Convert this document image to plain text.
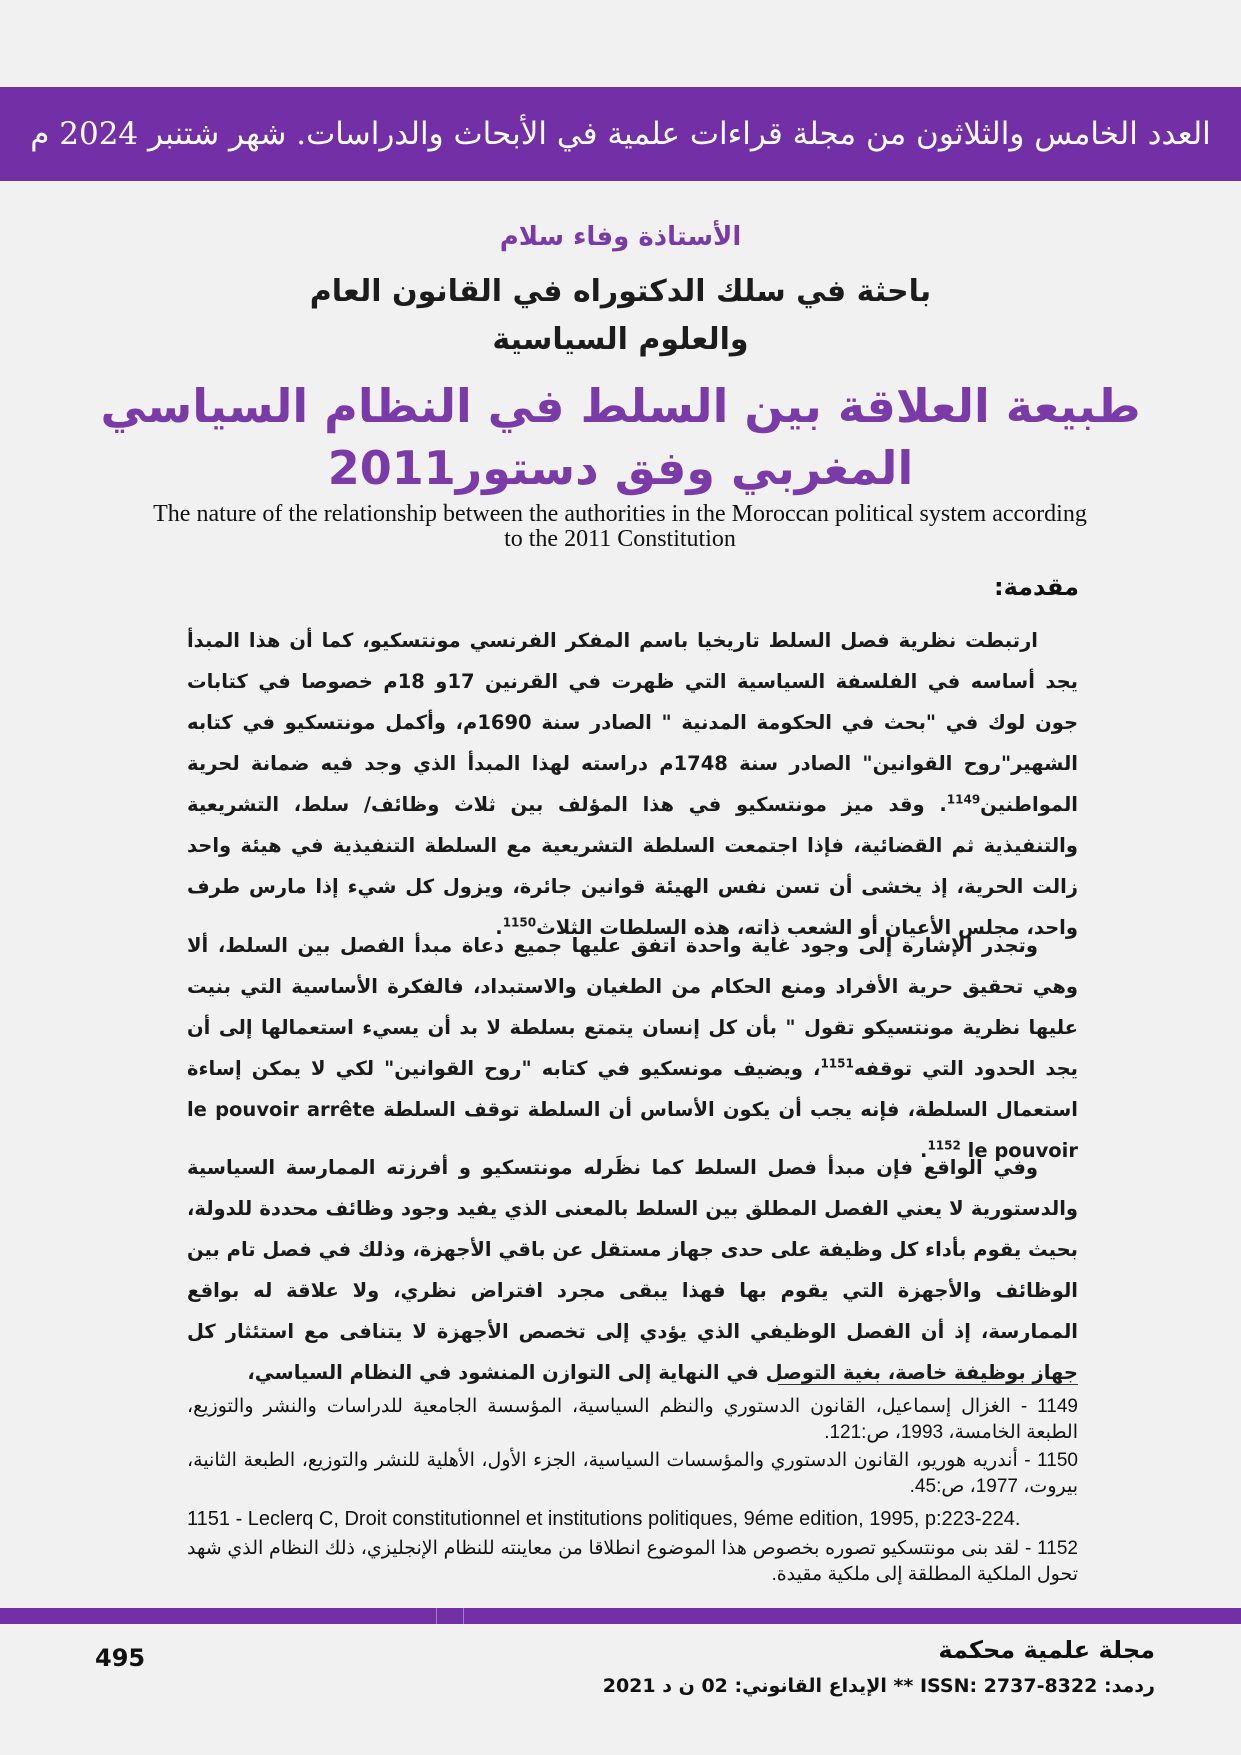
العدد الخامس والثلاثون من مجلة قراءات علمية في الأبحاث والدراسات. شهر شتنبر 2024 م
الأستاذة وفاء سلام
باحثة في سلك الدكتوراه في القانون العام
والعلوم السياسية
طبيعة العلاقة بين السلط في النظام السياسي
المغربي وفق دستور2011
The nature of the relationship between the authorities in the Moroccan political system according to the 2011 Constitution
مقدمة:

ارتبطت نظرية فصل السلط تاريخيا باسم المفكر الفرنسي مونتسكيو، كما أن هذا المبدأ يجد أساسه في الفلسفة السياسية التي ظهرت في القرنين 17و 18م خصوصا في كتابات جون لوك في "بحث في الحكومة المدنية " الصادر سنة 1690م، وأكمل مونتسكيو في كتابه الشهير"روح القوانين" الصادر سنة 1748م دراسته لهذا المبدأ الذي وجد فيه ضمانة لحرية المواطنين$^{1149}$. وقد ميز مونتسكيو في هذا المؤلف بين ثلاث وظائف/ سلط، التشريعية والتنفيذية ثم القضائية، فإذا اجتمعت السلطة التشريعية مع السلطة التنفيذية في هيئة واحد زالت الحرية، إذ يخشى أن تسن نفس الهيئة قوانين جائرة، ويزول كل شيء إذا مارس طرف واحد، مجلس الأعيان أو الشعب ذاته، هذه السلطات الثلاث$^{1150}$.

وتجدر الإشارة إلى وجود غاية واحدة اتفق عليها جميع دعاة مبدأ الفصل بين السلط، ألا وهي تحقيق حرية الأفراد ومنع الحكام من الطغيان والاستبداد، فالفكرة الأساسية التي بنيت عليها نظرية مونتسيكو تقول " بأن كل إنسان يتمتع بسلطة لا بد أن يسيء استعمالها إلى أن يجد الحدود التي توقفه$^{1151}$، ويضيف مونسكيو في كتابه "روح القوانين" لكي لا يمكن إساءة استعمال السلطة، فإنه يجب أن يكون الأساس أن السلطة توقف السلطة le pouvoir arrête le pouvoir $^{1152}$.

وفي الواقع فإن مبدأ فصل السلط كما نظَرله مونتسكيو و أفرزته الممارسة السياسية والدستورية لا يعني الفصل المطلق بين السلط بالمعنى الذي يفيد وجود وظائف محددة للدولة، بحيث يقوم بأداء كل وظيفة على حدى جهاز مستقل عن باقي الأجهزة، وذلك في فصل تام بين الوظائف والأجهزة التي يقوم بها فهذا يبقى مجرد افتراض نظري، ولا علاقة له بواقع الممارسة، إذ أن الفصل الوظيفي الذي يؤدي إلى تخصص الأجهزة لا يتنافى مع استئثار كل جهاز بوظيفة خاصة، بغية التوصل في النهاية إلى التوازن المنشود في النظام السياسي،

1149 - الغزال إسماعيل، القانون الدستوري والنظم السياسية، المؤسسة الجامعية للدراسات والنشر والتوزيع، الطبعة الخامسة، 1993، ص:121.
1150 - أندريه هوريو، القانون الدستوري والمؤسسات السياسية، الجزء الأول، الأهلية للنشر والتوزيع، الطبعة الثانية، بيروت، 1977، ص:45.
1151 - Leclerq C, Droit constitutionnel et institutions politiques, 9éme edition, 1995, p:223-224.
1152 - لقد بنى مونتسكيو تصوره بخصوص هذا الموضوع انطلاقا من معاينته للنظام الإنجليزي، ذلك النظام الذي شهد تحول الملكية المطلقة إلى ملكية مقيدة.
495	مجلة علمية محكمة
ردمد: ISSN: 2737-8322 ** الإيداع القانوني: 02 ن د 2021
